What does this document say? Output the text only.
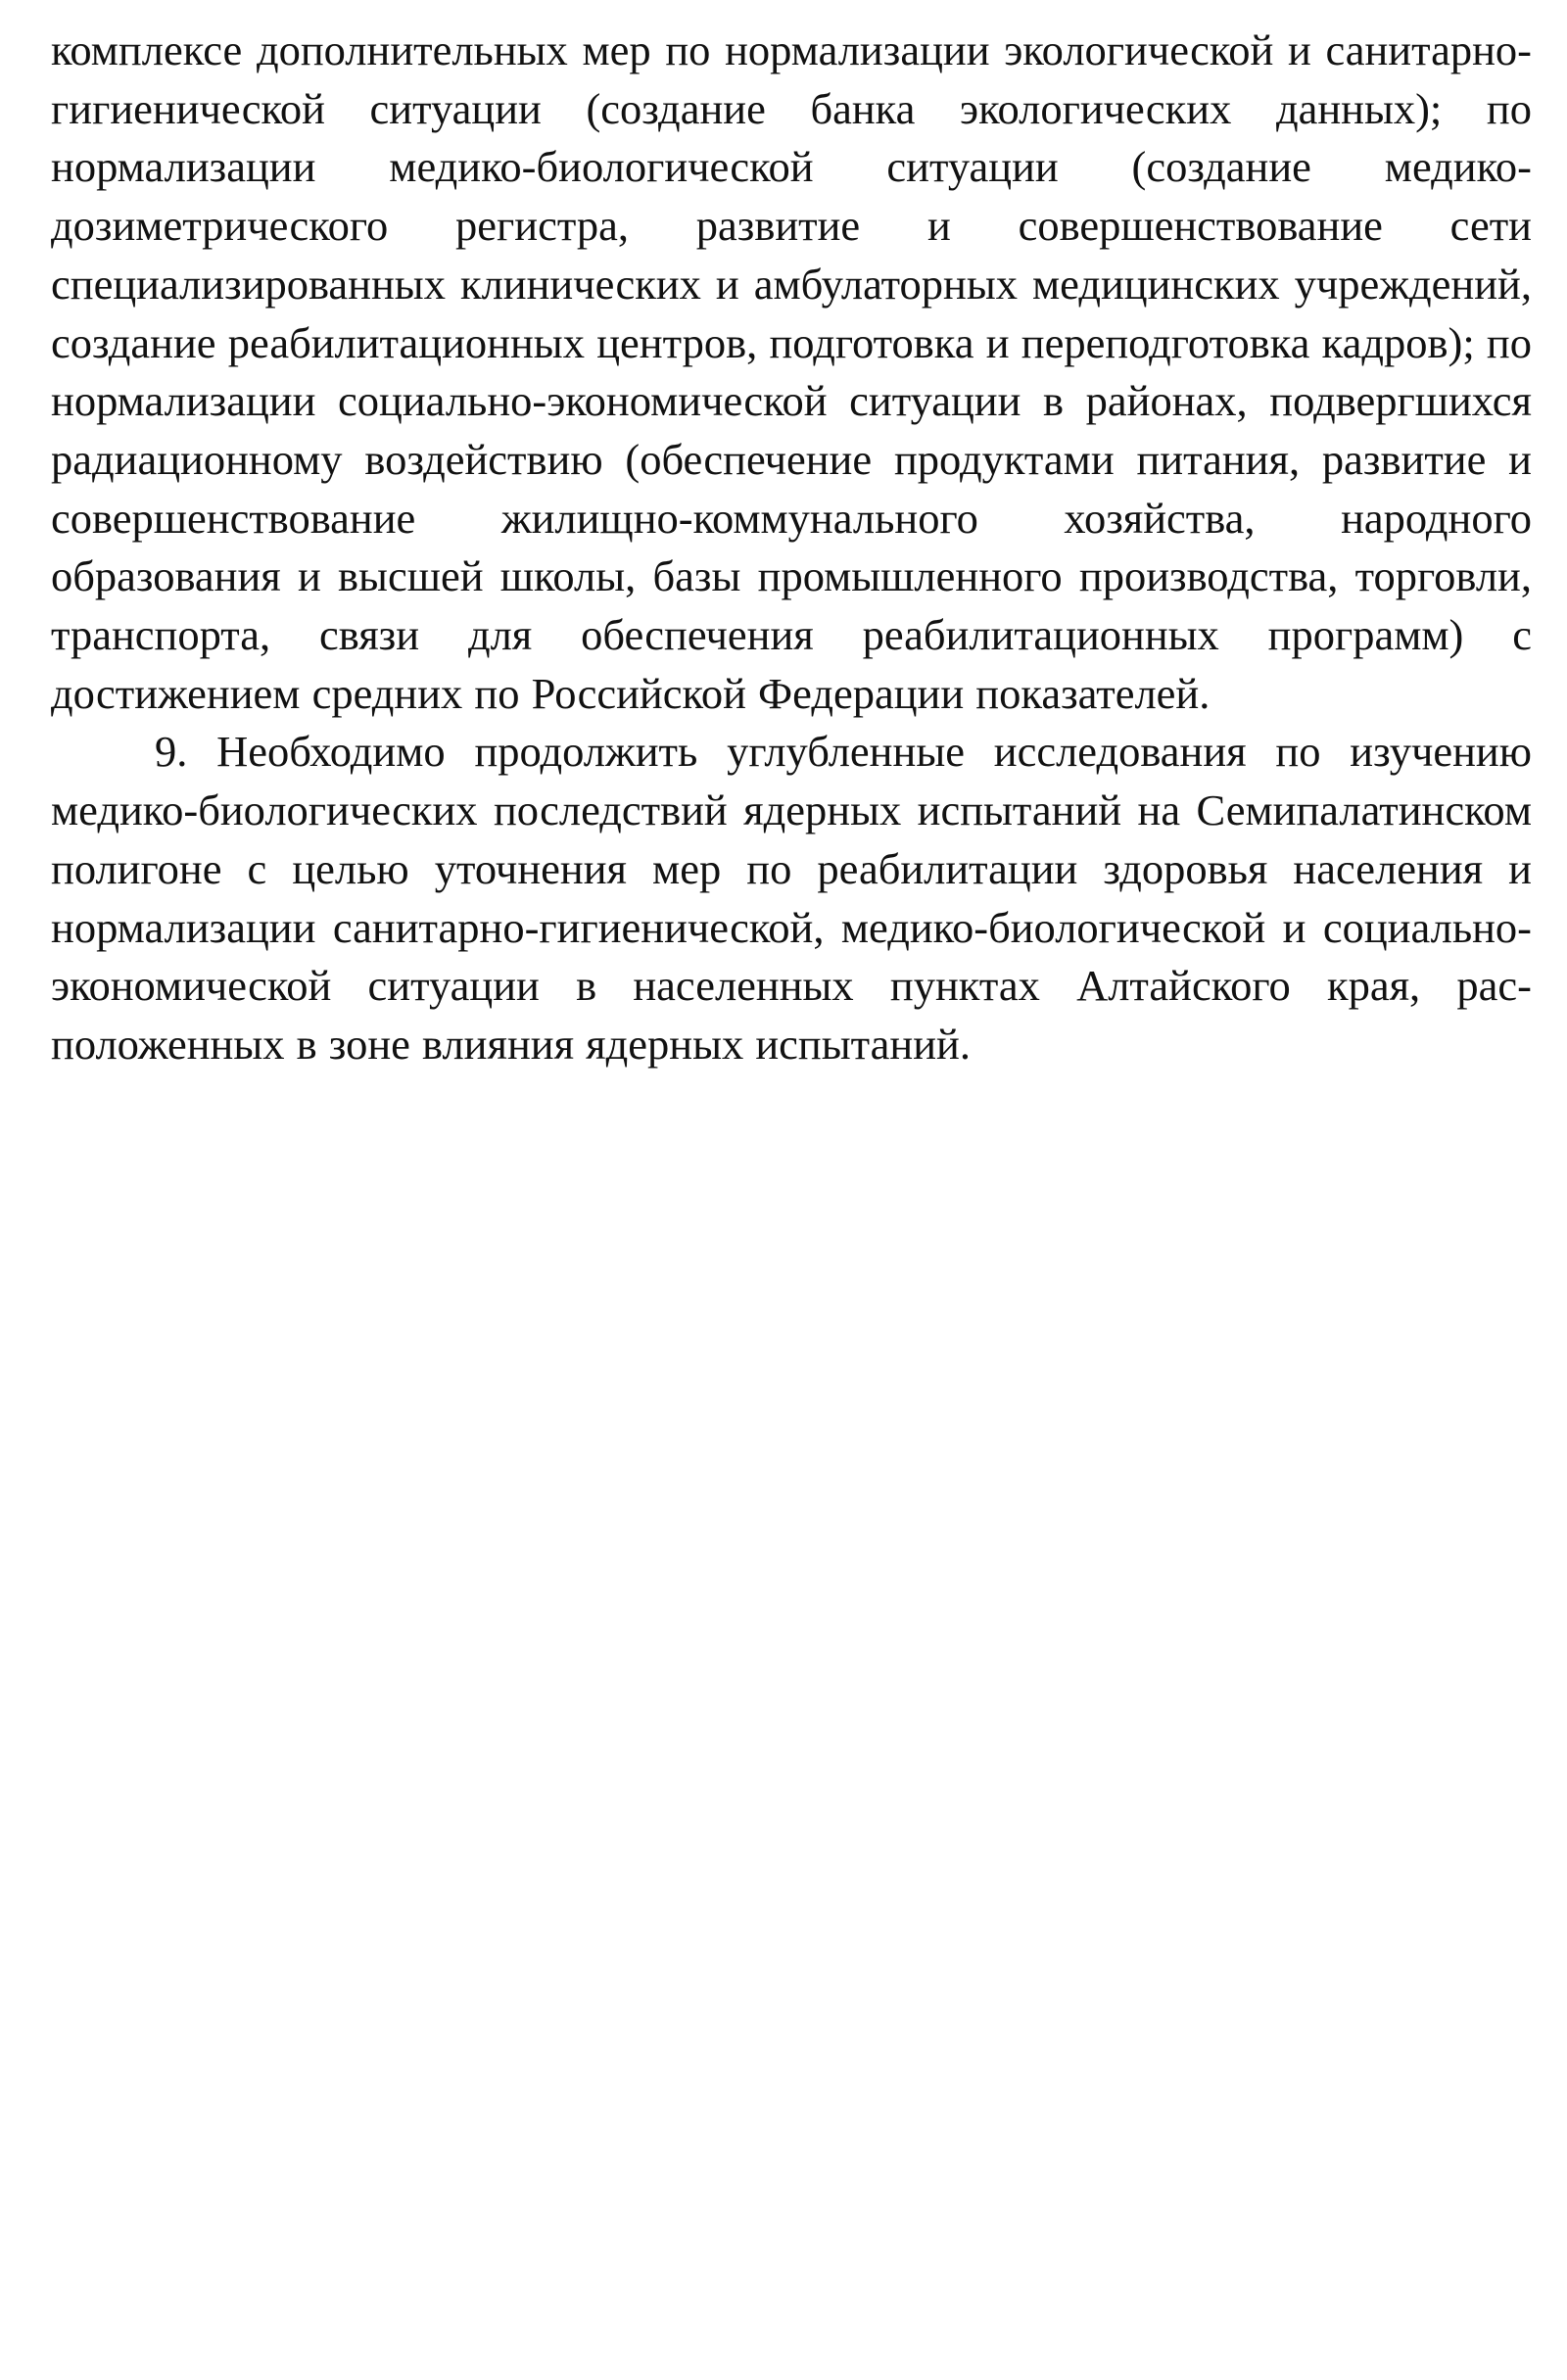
комплексе дополнительных мер по нормализации экологической и санитарно-гигиенической ситуации (создание банка экологических данных); по нормализации медико-биологической ситуации (создание медико-дозиметрического регистра, развитие и совершенствование сети специализированных клинических и амбулаторных медицинских учреждений, создание реабилитационных центров, подготовка и переподготовка кадров); по нормализации социально-экономической ситуации в районах, подвергшихся радиационному воздействию (обеспечение продуктами питания, развитие и совершенствование жилищно-коммунального хозяйства, народного образования и высшей школы, базы промышленного производства, торговли, транспорта, связи для обеспечения реабилитационных программ) с достижением средних по Российской Федерации показателей.

9. Необходимо продолжить углубленные исследования по изучению медико-биологических последствий ядерных испытаний на Семипалатинском полигоне с целью уточнения мер по реабилитации здоровья населения и нормализации санитарно-гигиенической, медико-биологической и социально-экономической ситуации в населенных пунктах Алтайского края, расположенных в зоне влияния ядерных испытаний.
